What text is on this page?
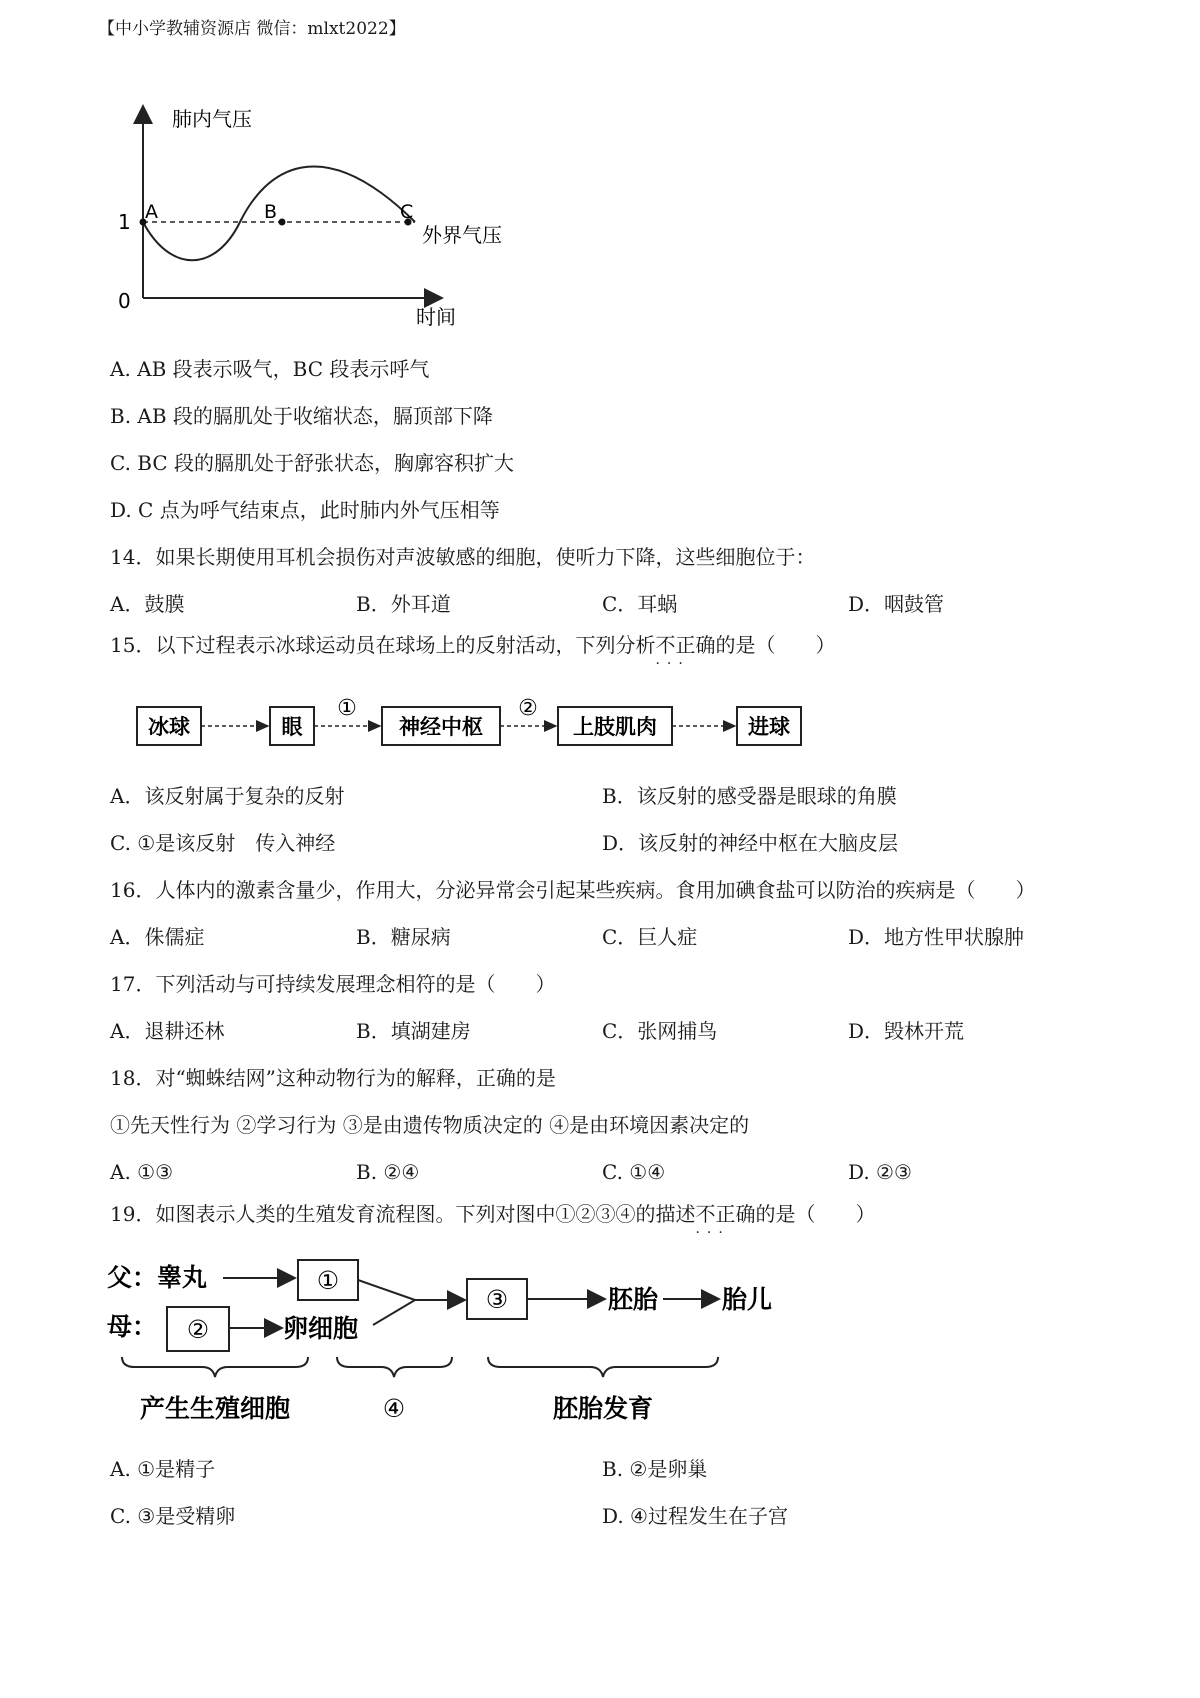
【中小学教辅资源店 微信：mlxt2022】
肺内气压
时间
1
0
外界气压
A	B	C
A. AB 段表示吸气，BC 段表示呼气
B. AB 段的膈肌处于收缩状态，膈顶部下降
C. BC 段的膈肌处于舒张状态，胸廓容积扩大
D. C 点为呼气结束点，此时肺内外气压相等
14．如果长期使用耳机会损伤对声波敏感的细胞，使听力下降，这些细胞位于：
A．鼓膜	B．外耳道	C．耳蜗	D．咽鼓管
15．以下过程表示冰球运动员在球场上的反射活动，下列分析不正确
···
的是（　　）
冰球	眼	神经中枢	上肢肌肉	进球
①	②
A．该反射属于复杂的反射	B．该反射的感受器是眼球的角膜
C. ①是该反射　传入神经	D．该反射的神经中枢在大脑皮层
16．人体内的激素含量少，作用大，分泌异常会引起某些疾病。食用加碘食盐可以防治的疾病是（　　）
A．侏儒症	B．糖尿病	C．巨人症	D．地方性甲状腺肿
17．下列活动与可持续发展理念相符的是（　　）
A．退耕还林	B．填湖建房	C．张网捕鸟	D．毁林开荒
18．对“蜘蛛结网”这种动物行为的解释，正确的是
①先天性行为 ②学习行为 ③是由遗传物质决定的 ④是由环境因素决定的
A. ①③	B. ②④	C. ①④	D. ②③
19．如图表示人类的生殖发育流程图。下列对图中①②③④的描述不正确
···
的是（　　）
父：睾丸	①
母： ②	卵细胞
③	胚胎	胎儿
产生生殖细胞	④	胚胎发育
A. ①是精子	B. ②是卵巢
C. ③是受精卵	D. ④过程发生在子宫
